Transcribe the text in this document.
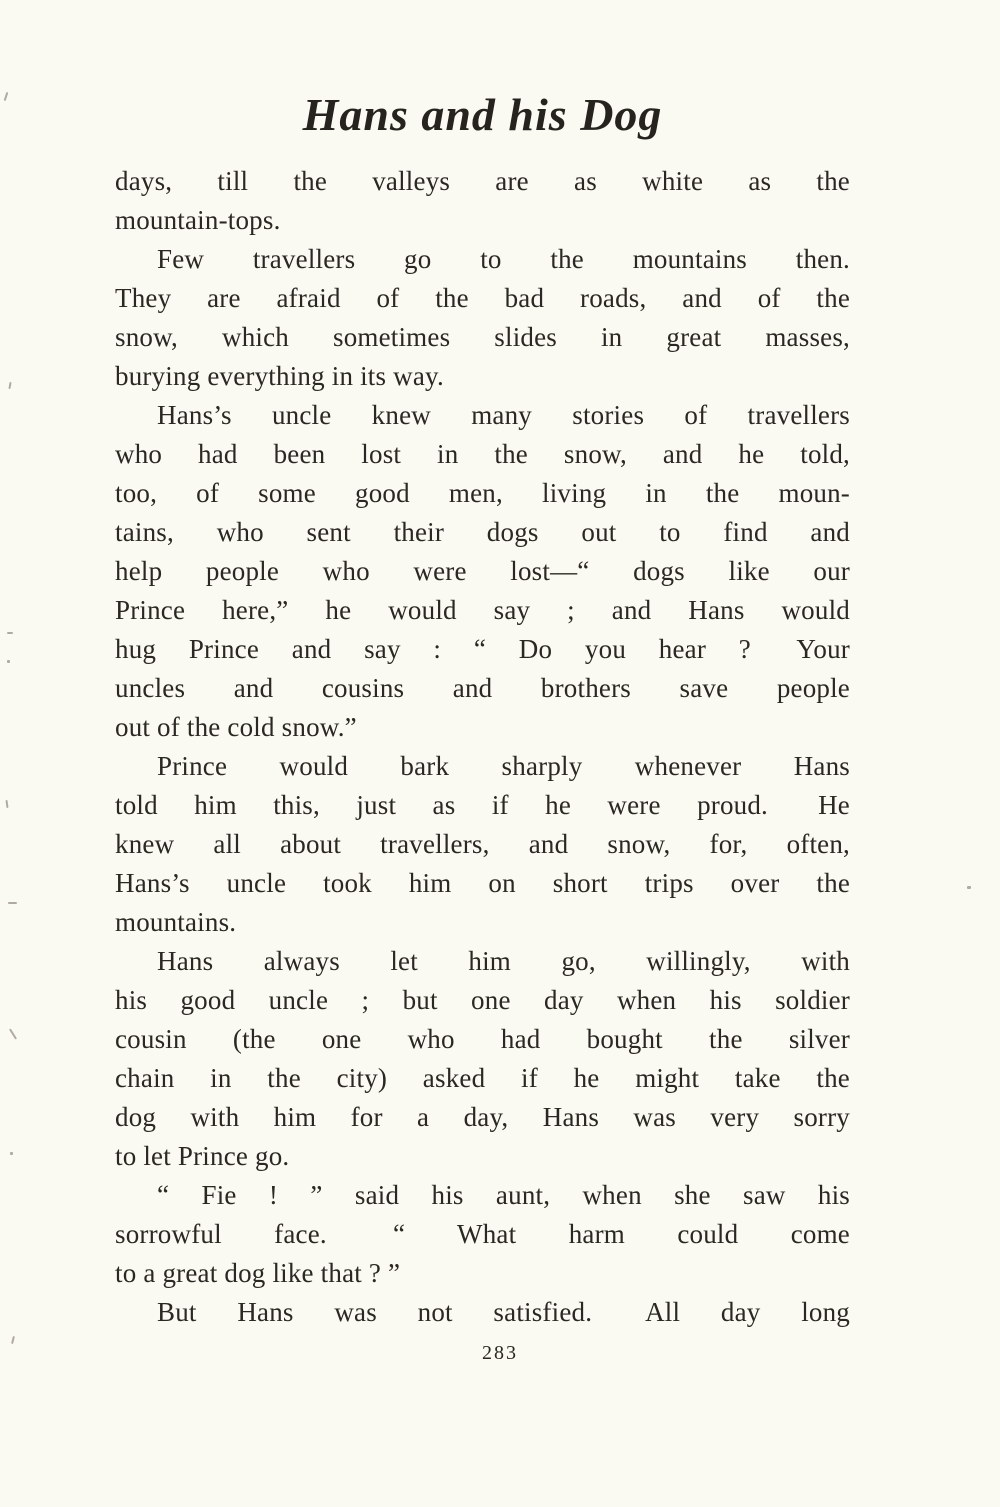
Hans and his Dog
days, till the valleys are as white as the
mountain-tops.
Few travellers go to the mountains then.
They are afraid of the bad roads, and of the
snow, which sometimes slides in great masses,
burying everything in its way.
Hans’s uncle knew many stories of travellers
who had been lost in the snow, and he told,
too, of some good men, living in the moun-
tains, who sent their dogs out to find and
help people who were lost—“ dogs like our
Prince here,” he would say ; and Hans would
hug Prince and say : “ Do you hear ?  Your
uncles and cousins and brothers save people
out of the cold snow.”
Prince would bark sharply whenever Hans
told him this, just as if he were proud.  He
knew all about travellers, and snow, for, often,
Hans’s uncle took him on short trips over the
mountains.
Hans always let him go, willingly, with
his good uncle ; but one day when his soldier
cousin (the one who had bought the silver
chain in the city) asked if he might take the
dog with him for a day, Hans was very sorry
to let Prince go.
“ Fie ! ” said his aunt, when she saw his
sorrowful face.  “ What harm could come
to a great dog like that ? ”
But Hans was not satisfied.  All day long
283
